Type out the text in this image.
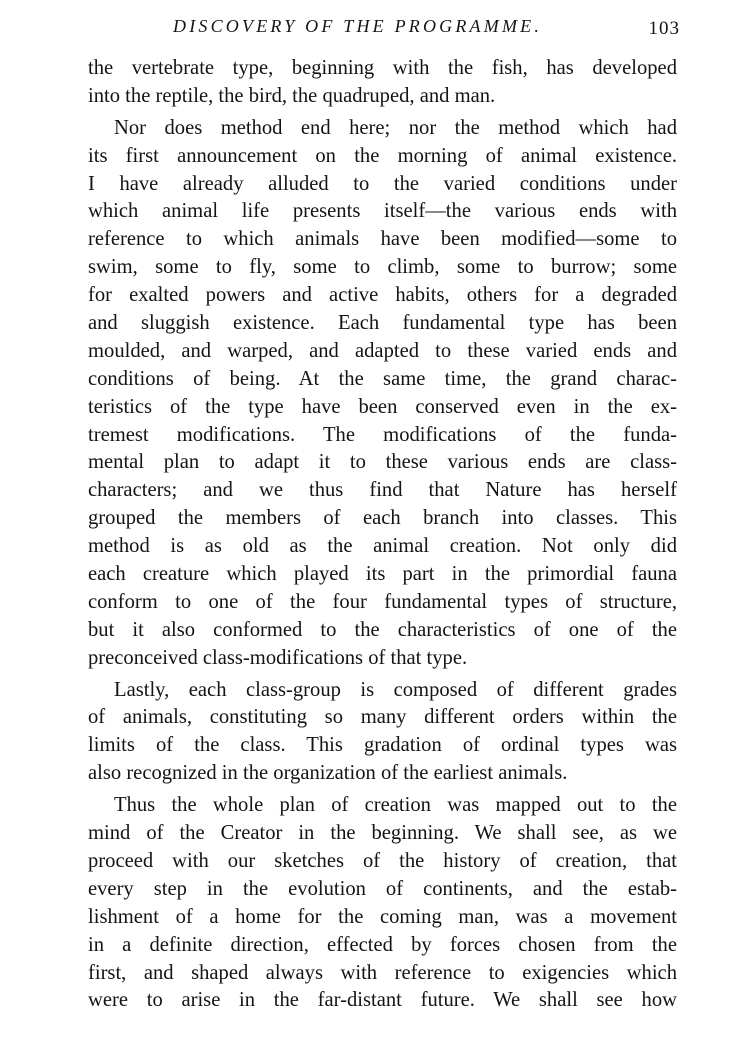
DISCOVERY OF THE PROGRAMME.	103
the vertebrate type, beginning with the fish, has developed
into the reptile, the bird, the quadruped, and man.
Nor does method end here; nor the method which had
its first announcement on the morning of animal existence.
I have already alluded to the varied conditions under
which animal life presents itself—the various ends with
reference to which animals have been modified—some to
swim, some to fly, some to climb, some to burrow; some
for exalted powers and active habits, others for a degraded
and sluggish existence. Each fundamental type has been
moulded, and warped, and adapted to these varied ends and
conditions of being. At the same time, the grand charac-
teristics of the type have been conserved even in the ex-
tremest modifications. The modifications of the funda-
mental plan to adapt it to these various ends are class-
characters; and we thus find that Nature has herself
grouped the members of each branch into classes. This
method is as old as the animal creation. Not only did
each creature which played its part in the primordial fauna
conform to one of the four fundamental types of structure,
but it also conformed to the characteristics of one of the
preconceived class-modifications of that type.
Lastly, each class-group is composed of different grades
of animals, constituting so many different orders within the
limits of the class. This gradation of ordinal types was
also recognized in the organization of the earliest animals.
Thus the whole plan of creation was mapped out to the
mind of the Creator in the beginning. We shall see, as we
proceed with our sketches of the history of creation, that
every step in the evolution of continents, and the estab-
lishment of a home for the coming man, was a movement
in a definite direction, effected by forces chosen from the
first, and shaped always with reference to exigencies which
were to arise in the far-distant future. We shall see how
